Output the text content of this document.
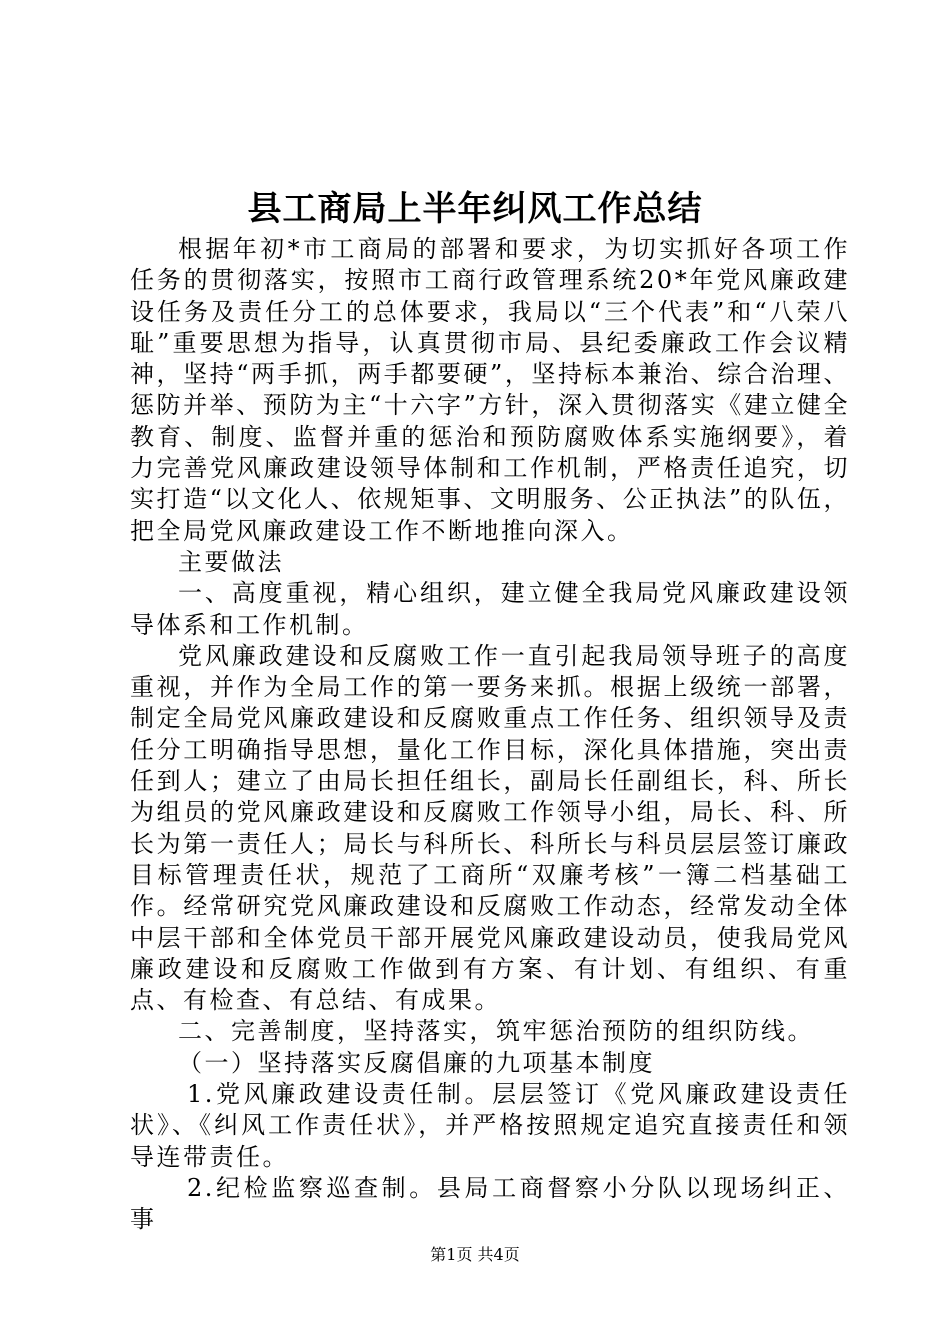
县工商局上半年纠风工作总结

根据年初*市工商局的部署和要求，为切实抓好各项工作任务的贯彻落实，按照市工商行政管理系统20*年党风廉政建设任务及责任分工的总体要求，我局以“三个代表”和“八荣八耻”重要思想为指导，认真贯彻市局、县纪委廉政工作会议精神，坚持“两手抓，两手都要硬”，坚持标本兼治、综合治理、惩防并举、预防为主“十六字”方针，深入贯彻落实《建立健全教育、制度、监督并重的惩治和预防腐败体系实施纲要》，着力完善党风廉政建设领导体制和工作机制，严格责任追究，切实打造“以文化人、依规矩事、文明服务、公正执法”的队伍，把全局党风廉政建设工作不断地推向深入。

主要做法

一、高度重视，精心组织，建立健全我局党风廉政建设领导体系和工作机制。

党风廉政建设和反腐败工作一直引起我局领导班子的高度重视，并作为全局工作的第一要务来抓。根据上级统一部署，制定全局党风廉政建设和反腐败重点工作任务、组织领导及责任分工明确指导思想，量化工作目标，深化具体措施，突出责任到人；建立了由局长担任组长，副局长任副组长，科、所长为组员的党风廉政建设和反腐败工作领导小组，局长、科、所长为第一责任人；局长与科所长、科所长与科员层层签订廉政目标管理责任状，规范了工商所“双廉考核”一簿二档基础工作。经常研究党风廉政建设和反腐败工作动态，经常发动全体中层干部和全体党员干部开展党风廉政建设动员，使我局党风廉政建设和反腐败工作做到有方案、有计划、有组织、有重点、有检查、有总结、有成果。

二、完善制度，坚持落实，筑牢惩治预防的组织防线。

（一）坚持落实反腐倡廉的九项基本制度

1.党风廉政建设责任制。层层签订《党风廉政建设责任状》、《纠风工作责任状》，并严格按照规定追究直接责任和领导连带责任。

2.纪检监察巡查制。县局工商督察小分队以现场纠正、事

第1页 共4页
